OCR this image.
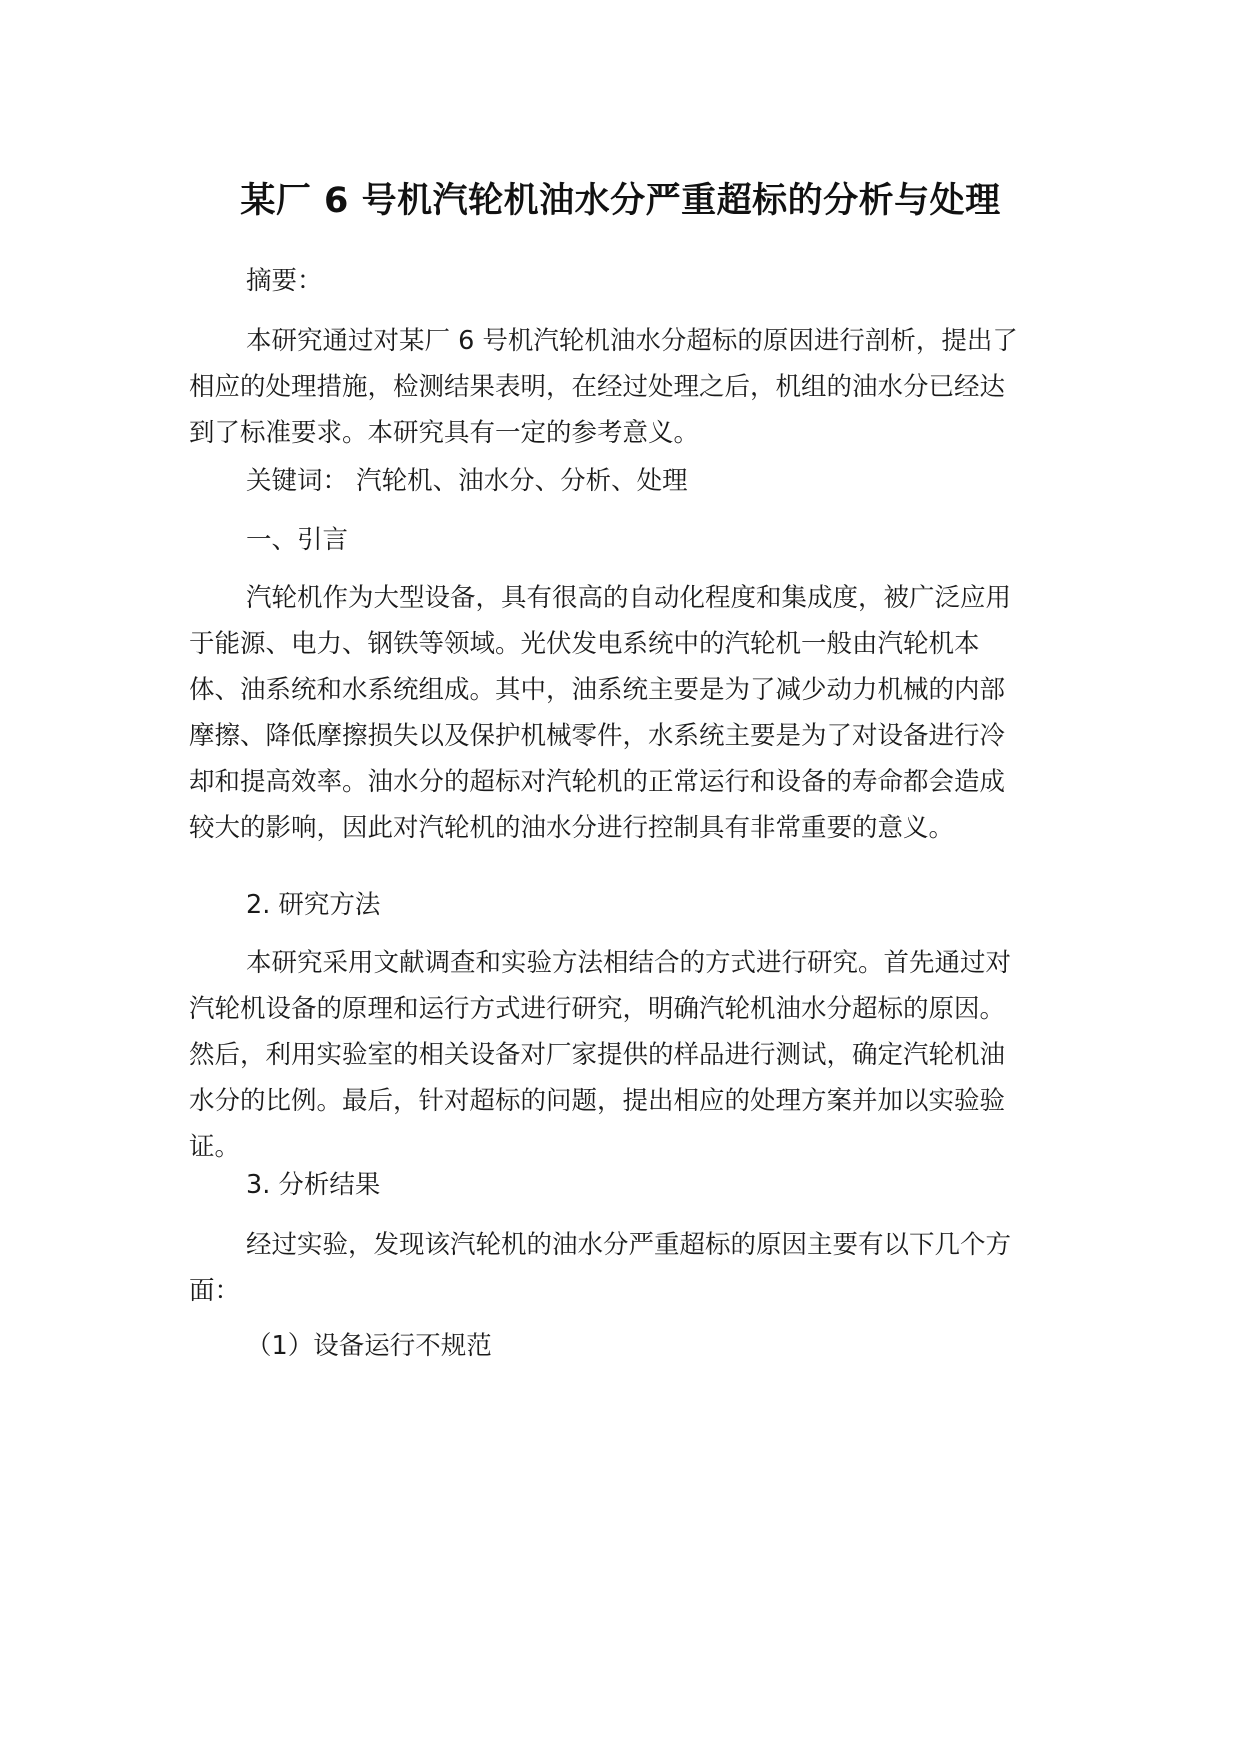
某厂 6 号机汽轮机油水分严重超标的分析与处理
摘要：

本研究通过对某厂 6 号机汽轮机油水分超标的原因进行剖析，提出了相应的处理措施，检测结果表明，在经过处理之后，机组的油水分已经达到了标准要求。本研究具有一定的参考意义。

关键词： 汽轮机、油水分、分析、处理
一、引言

汽轮机作为大型设备，具有很高的自动化程度和集成度，被广泛应用于能源、电力、钢铁等领域。光伏发电系统中的汽轮机一般由汽轮机本体、油系统和水系统组成。其中，油系统主要是为了减少动力机械的内部摩擦、降低摩擦损失以及保护机械零件，水系统主要是为了对设备进行冷却和提高效率。油水分的超标对汽轮机的正常运行和设备的寿命都会造成较大的影响，因此对汽轮机的油水分进行控制具有非常重要的意义。

2. 研究方法

本研究采用文献调查和实验方法相结合的方式进行研究。首先通过对汽轮机设备的原理和运行方式进行研究，明确汽轮机油水分超标的原因。然后，利用实验室的相关设备对厂家提供的样品进行测试，确定汽轮机油水分的比例。最后，针对超标的问题，提出相应的处理方案并加以实验验证。

3. 分析结果

经过实验，发现该汽轮机的油水分严重超标的原因主要有以下几个方面：

（1）设备运行不规范
